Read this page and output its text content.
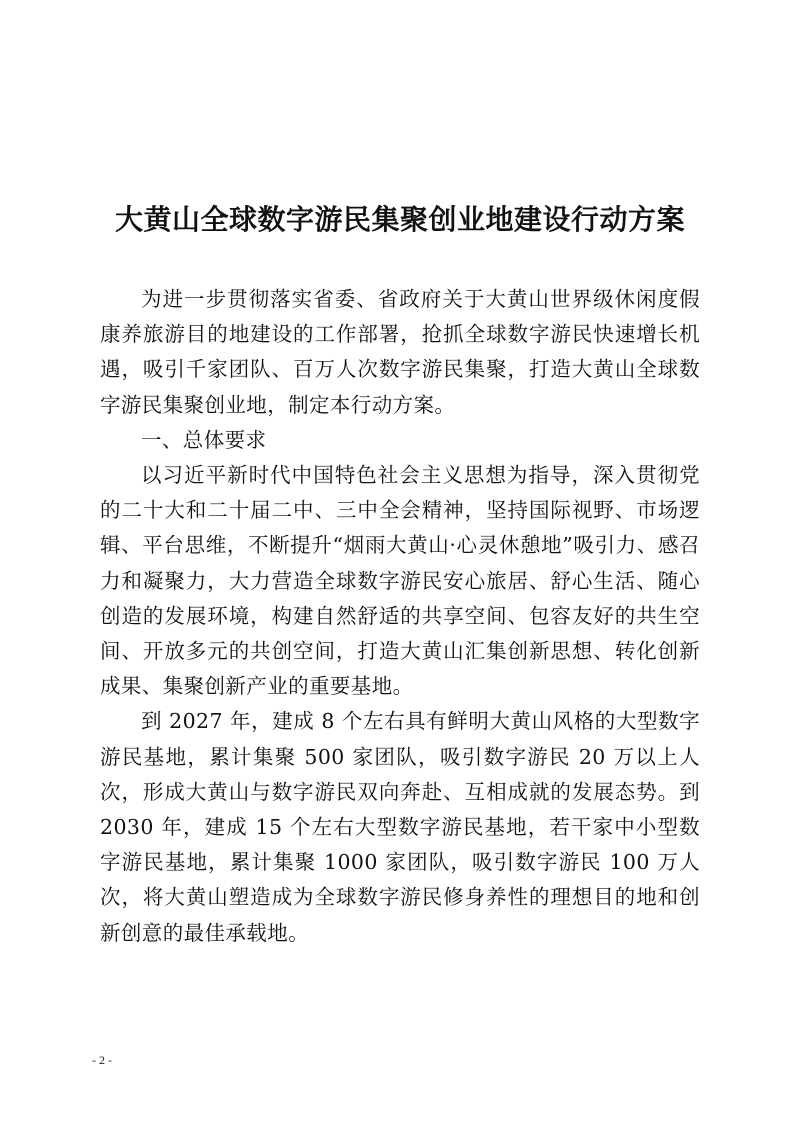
大黄山全球数字游民集聚创业地建设行动方案

为进一步贯彻落实省委、省政府关于大黄山世界级休闲度假康养旅游目的地建设的工作部署，抢抓全球数字游民快速增长机遇，吸引千家团队、百万人次数字游民集聚，打造大黄山全球数字游民集聚创业地，制定本行动方案。

一、总体要求

以习近平新时代中国特色社会主义思想为指导，深入贯彻党的二十大和二十届二中、三中全会精神，坚持国际视野、市场逻辑、平台思维，不断提升“烟雨大黄山·心灵休憩地”吸引力、感召力和凝聚力，大力营造全球数字游民安心旅居、舒心生活、随心创造的发展环境，构建自然舒适的共享空间、包容友好的共生空间、开放多元的共创空间，打造大黄山汇集创新思想、转化创新成果、集聚创新产业的重要基地。

到 2027 年，建成 8 个左右具有鲜明大黄山风格的大型数字游民基地，累计集聚 500 家团队，吸引数字游民 20 万以上人次，形成大黄山与数字游民双向奔赴、互相成就的发展态势。到 2030 年，建成 15 个左右大型数字游民基地，若干家中小型数字游民基地，累计集聚 1000 家团队，吸引数字游民 100 万人次，将大黄山塑造成为全球数字游民修身养性的理想目的地和创新创意的最佳承载地。

- 2 -
